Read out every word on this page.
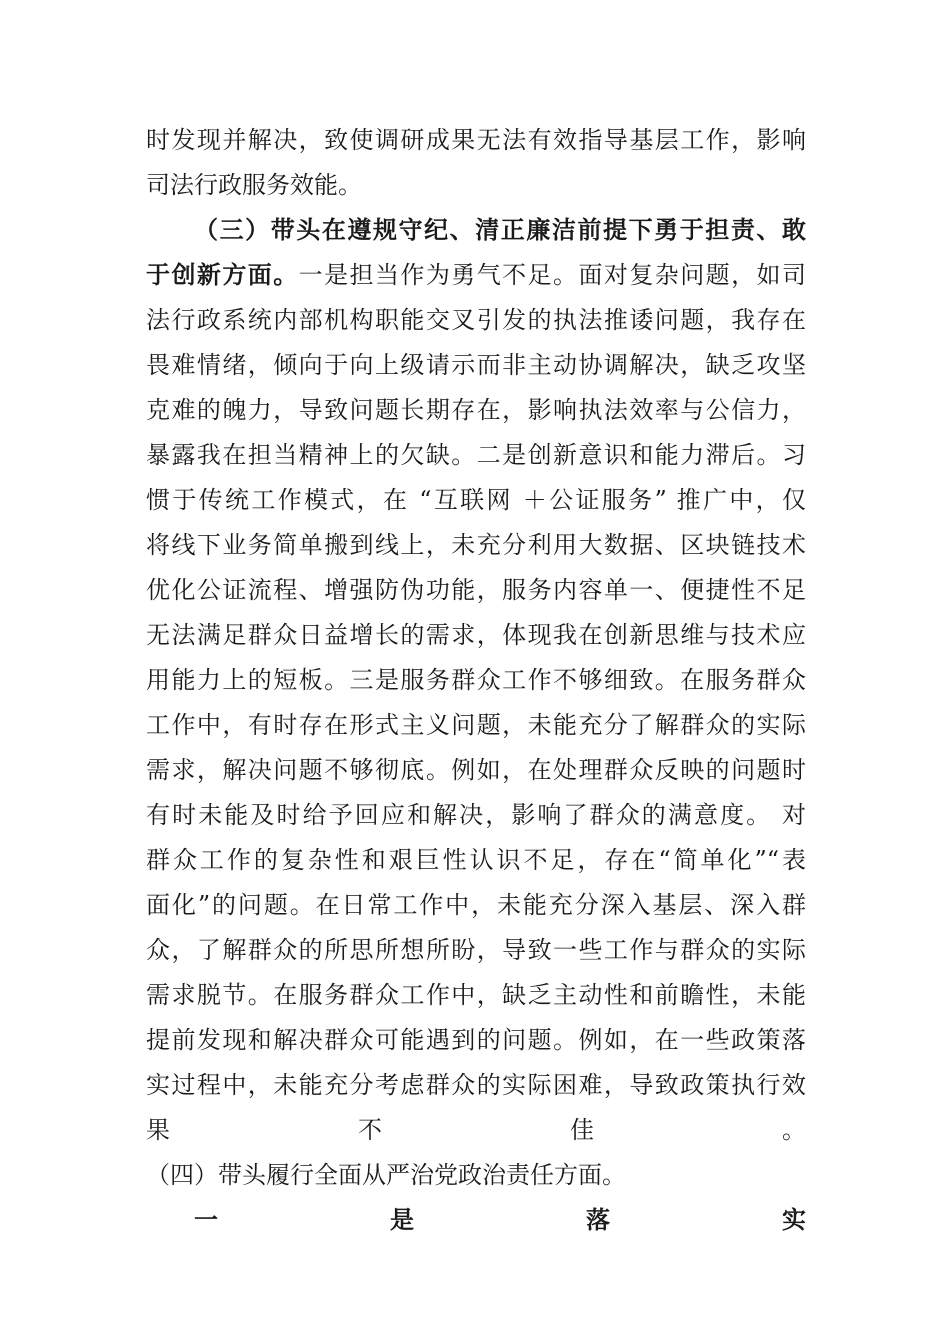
时发现并解决，致使调研成果无法有效指导基层工作，影响
司法行政服务效能。
（三）带头在遵规守纪、清正廉洁前提下勇于担责、敢
于创新方面。一是担当作为勇气不足。面对复杂问题，如司
法行政系统内部机构职能交叉引发的执法推诿问题，我存在
畏难情绪，倾向于向上级请示而非主动协调解决，缺乏攻坚
克难的魄力，导致问题长期存在，影响执法效率与公信力，
暴露我在担当精神上的欠缺。二是创新意识和能力滞后。习
惯于传统工作模式，在 “互联网 ＋公证服务” 推广中，仅
将线下业务简单搬到线上，未充分利用大数据、区块链技术
优化公证流程、增强防伪功能，服务内容单一、便捷性不足
无法满足群众日益增长的需求，体现我在创新思维与技术应
用能力上的短板。三是服务群众工作不够细致。在服务群众
工作中，有时存在形式主义问题，未能充分了解群众的实际
需求，解决问题不够彻底。例如，在处理群众反映的问题时
有时未能及时给予回应和解决，影响了群众的满意度。 对
群众工作的复杂性和艰巨性认识不足，存在“简单化”“表
面化”的问题。在日常工作中，未能充分深入基层、深入群
众，了解群众的所思所想所盼，导致一些工作与群众的实际
需求脱节。在服务群众工作中，缺乏主动性和前瞻性，未能
提前发现和解决群众可能遇到的问题。例如，在一些政策落
实过程中，未能充分考虑群众的实际困难，导致政策执行效
果不佳。
（四）带头履行全面从严治党政治责任方面。
一是落实
